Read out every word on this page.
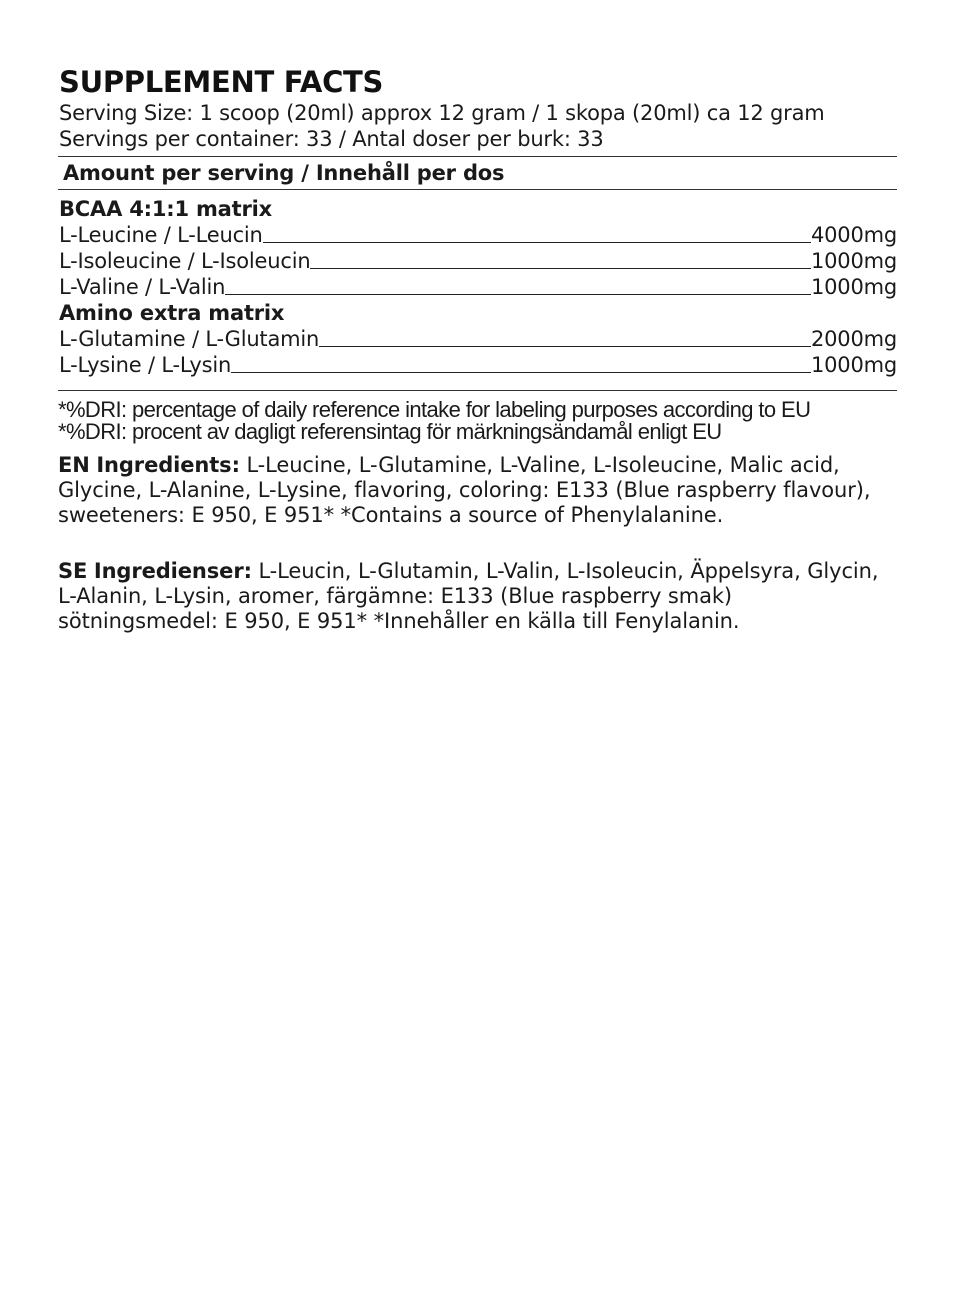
SUPPLEMENT FACTS

Serving Size: 1 scoop (20ml) approx 12 gram / 1 skopa (20ml) ca 12 gram

Servings per container: 33 / Antal doser per burk: 33

Amount per serving / Innehåll per dos
BCAA 4:1:1 matrix
L-Leucine / L-Leucin	4000mg
L-Isoleucine / L-Isoleucin	1000mg
L-Valine / L-Valin	1000mg
Amino extra matrix
L-Glutamine / L-Glutamin	2000mg
L-Lysine / L-Lysin	1000mg
*%DRI: percentage of daily reference intake for labeling purposes according to EU
*%DRI: procent av dagligt referensintag för märkningsändamål enligt EU

EN Ingredients: L-Leucine, L-Glutamine, L-Valine, L-Isoleucine, Malic acid, Glycine, L-Alanine, L-Lysine, flavoring, coloring: E133 (Blue raspberry flavour), sweeteners: E 950, E 951* *Contains a source of Phenylalanine.

SE Ingredienser: L-Leucin, L-Glutamin, L-Valin, L-Isoleucin, Äppelsyra, Glycin, L-Alanin, L-Lysin, aromer, färgämne: E133 (Blue raspberry smak) sötningsmedel: E 950, E 951* *Innehåller en källa till Fenylalanin.
